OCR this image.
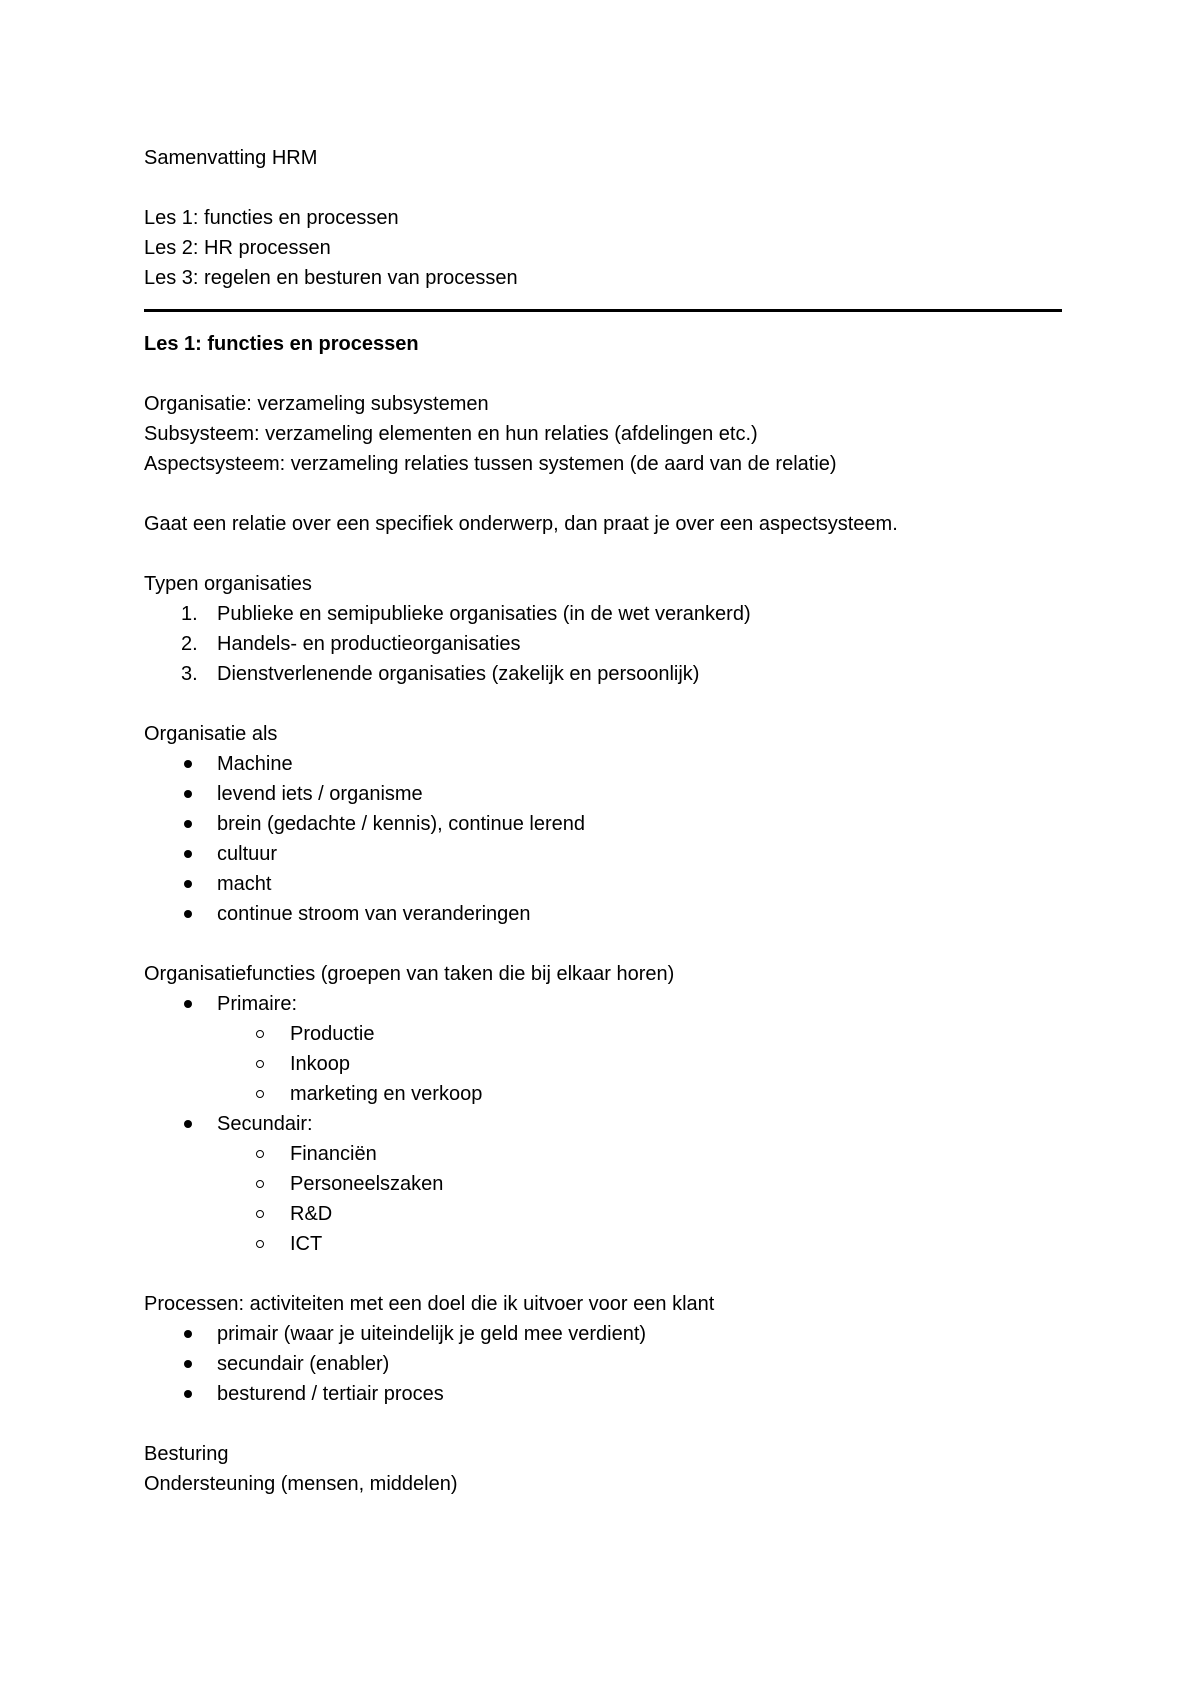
Samenvatting HRM
Les 1: functies en processen
Les 2: HR processen
Les 3: regelen en besturen van processen
Les 1: functies en processen
Organisatie: verzameling subsystemen
Subsysteem: verzameling elementen en hun relaties (afdelingen etc.)
Aspectsysteem: verzameling relaties tussen systemen (de aard van de relatie)
Gaat een relatie over een specifiek onderwerp, dan praat je over een aspectsysteem.
Typen organisaties
1. Publieke en semipublieke organisaties (in de wet verankerd)
2. Handels- en productieorganisaties
3. Dienstverlenende organisaties (zakelijk en persoonlijk)
Organisatie als
Machine
levend iets / organisme
brein (gedachte / kennis), continue lerend
cultuur
macht
continue stroom van veranderingen
Organisatiefuncties (groepen van taken die bij elkaar horen)
Primaire:
Productie
Inkoop
marketing en verkoop
Secundair:
Financiën
Personeelszaken
R&D
ICT
Processen: activiteiten met een doel die ik uitvoer voor een klant
primair (waar je uiteindelijk je geld mee verdient)
secundair (enabler)
besturend / tertiair proces
Besturing
Ondersteuning (mensen, middelen)
